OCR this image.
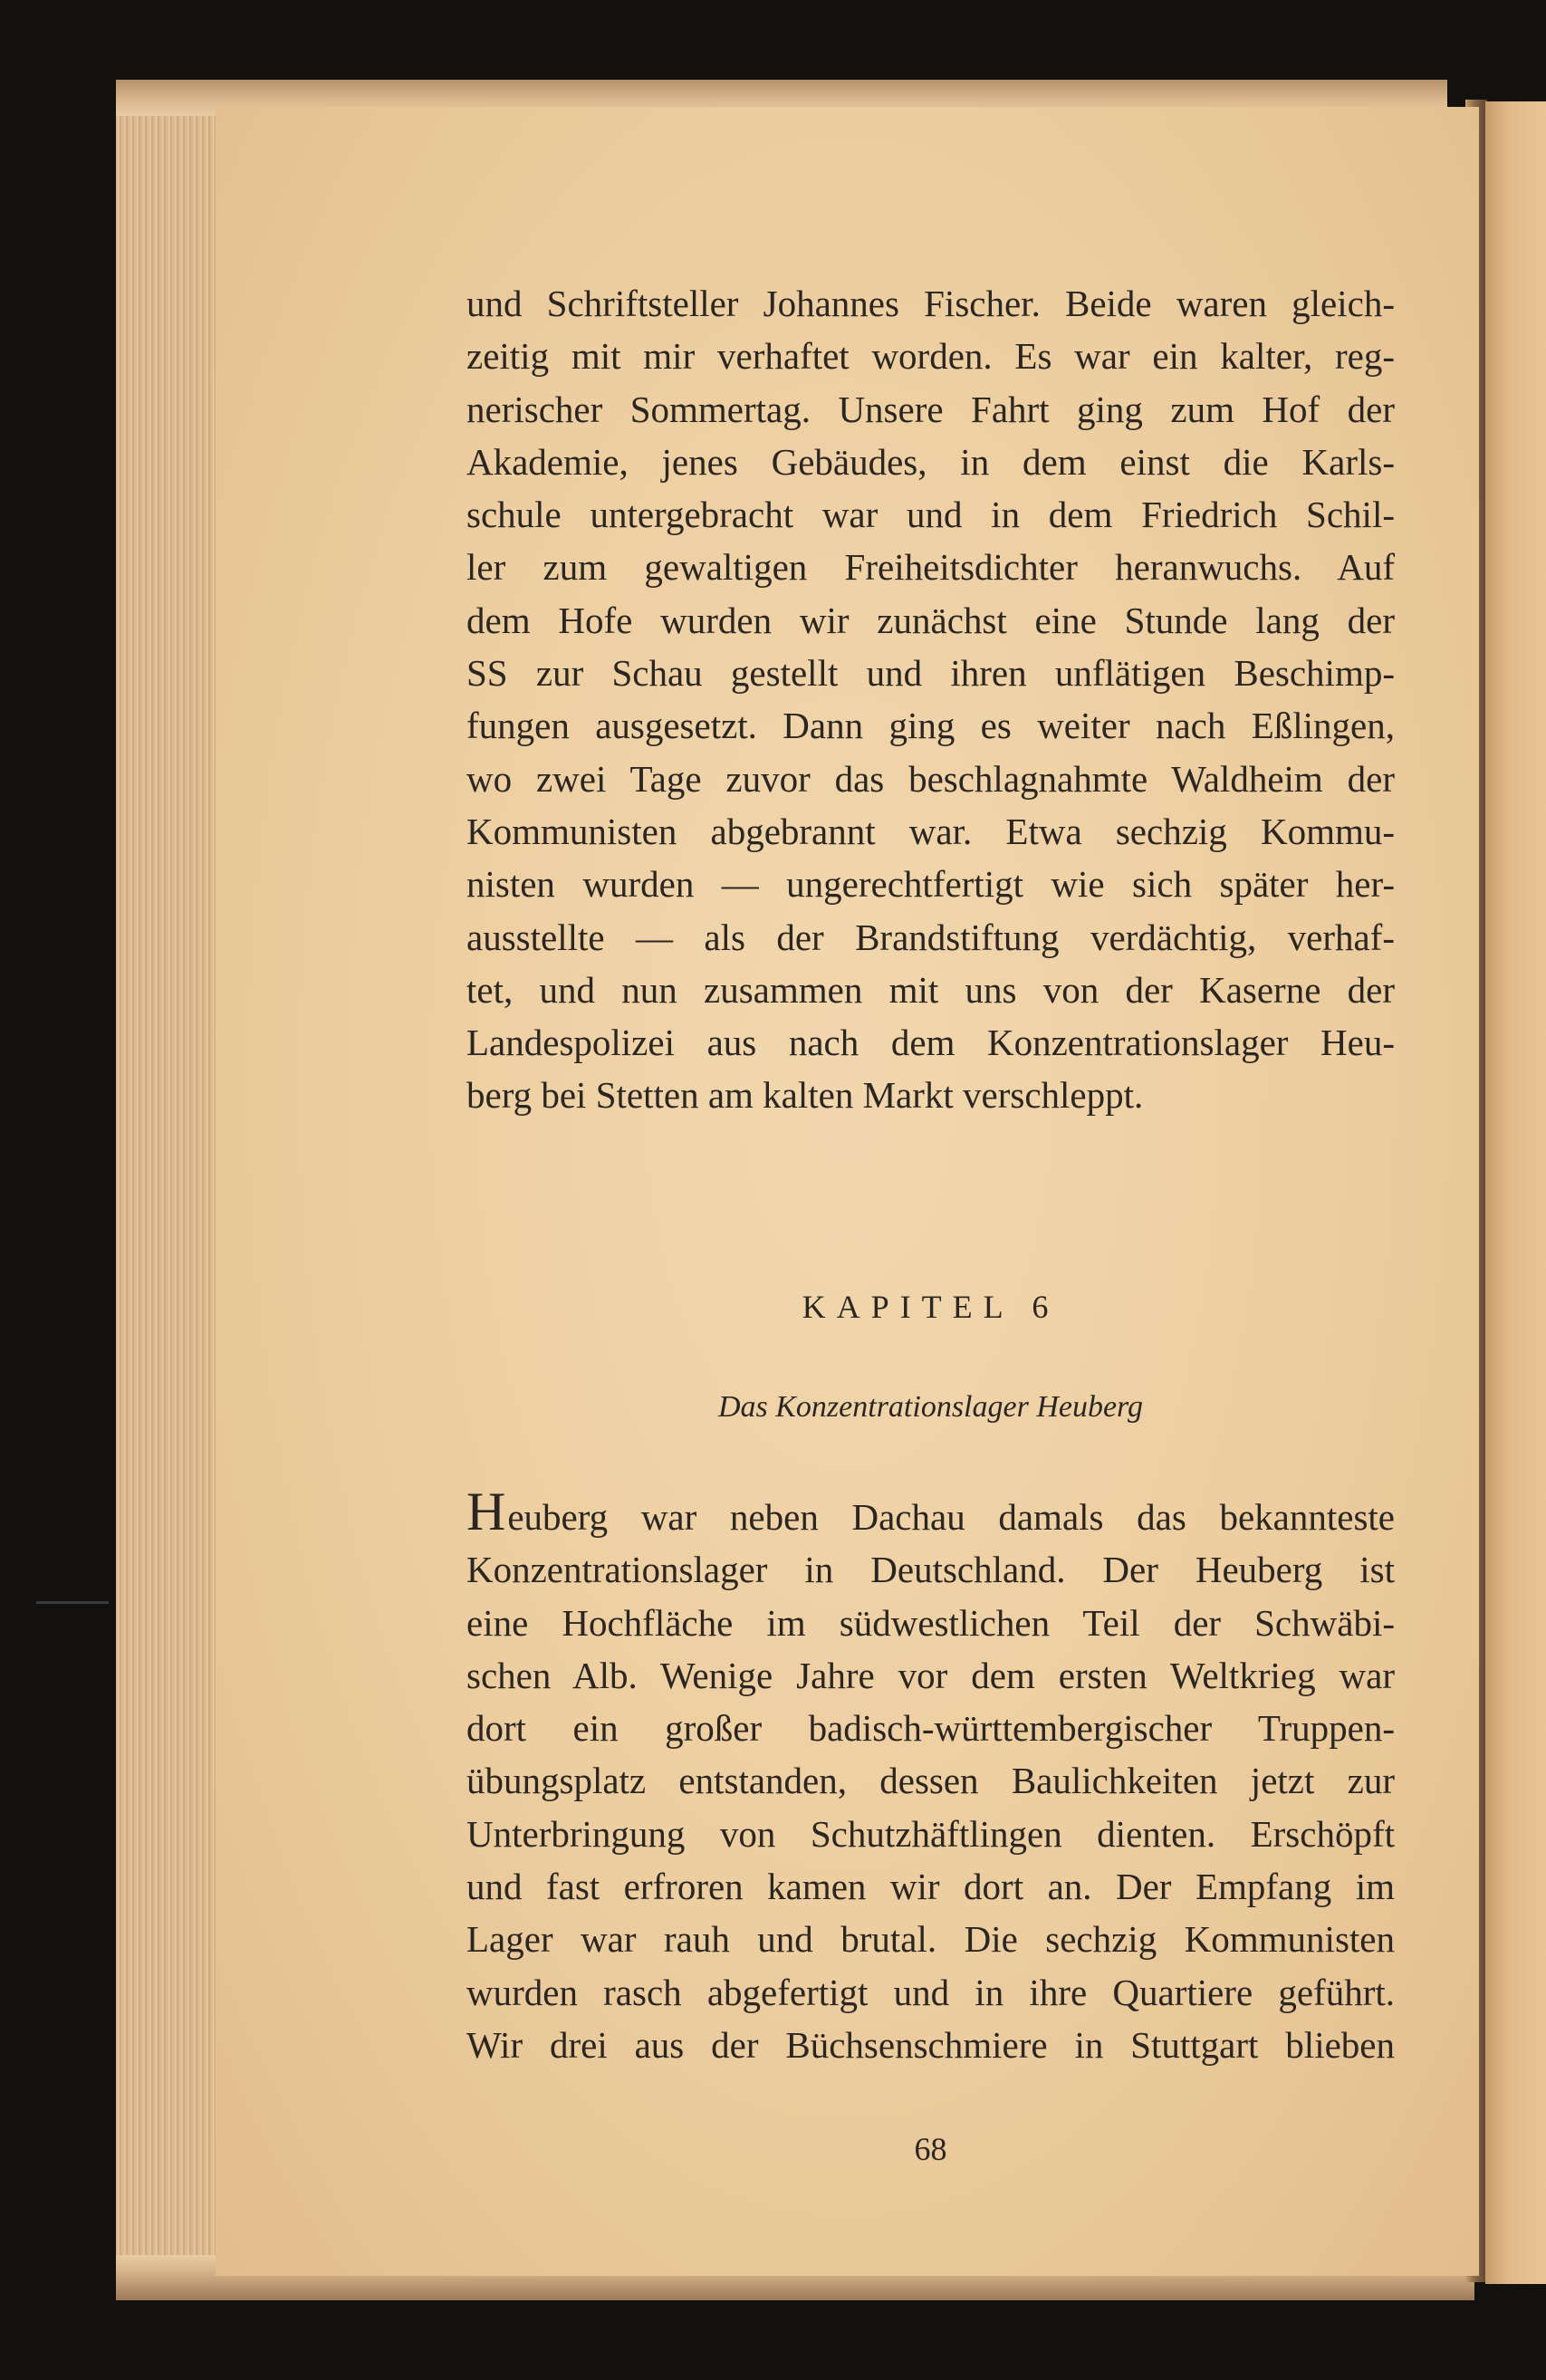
und Schriftsteller Johannes Fischer. Beide waren gleich-
zeitig mit mir verhaftet worden. Es war ein kalter, reg-
nerischer Sommertag. Unsere Fahrt ging zum Hof der
Akademie, jenes Gebäudes, in dem einst die Karls-
schule untergebracht war und in dem Friedrich Schil-
ler zum gewaltigen Freiheitsdichter heranwuchs. Auf
dem Hofe wurden wir zunächst eine Stunde lang der
SS zur Schau gestellt und ihren unflätigen Beschimp-
fungen ausgesetzt. Dann ging es weiter nach Eßlingen,
wo zwei Tage zuvor das beschlagnahmte Waldheim der
Kommunisten abgebrannt war. Etwa sechzig Kommu-
nisten wurden — ungerechtfertigt wie sich später her-
ausstellte — als der Brandstiftung verdächtig, verhaf-
tet, und nun zusammen mit uns von der Kaserne der
Landespolizei aus nach dem Konzentrationslager Heu-
berg bei Stetten am kalten Markt verschleppt.

KAPITEL 6
Das Konzentrationslager Heuberg

Heuberg war neben Dachau damals das bekannteste
Konzentrationslager in Deutschland. Der Heuberg ist
eine Hochfläche im südwestlichen Teil der Schwäbi-
schen Alb. Wenige Jahre vor dem ersten Weltkrieg war
dort ein großer badisch-württembergischer Truppen-
übungsplatz entstanden, dessen Baulichkeiten jetzt zur
Unterbringung von Schutzhäftlingen dienten. Erschöpft
und fast erfroren kamen wir dort an. Der Empfang im
Lager war rauh und brutal. Die sechzig Kommunisten
wurden rasch abgefertigt und in ihre Quartiere geführt.
Wir drei aus der Büchsenschmiere in Stuttgart blieben

68
